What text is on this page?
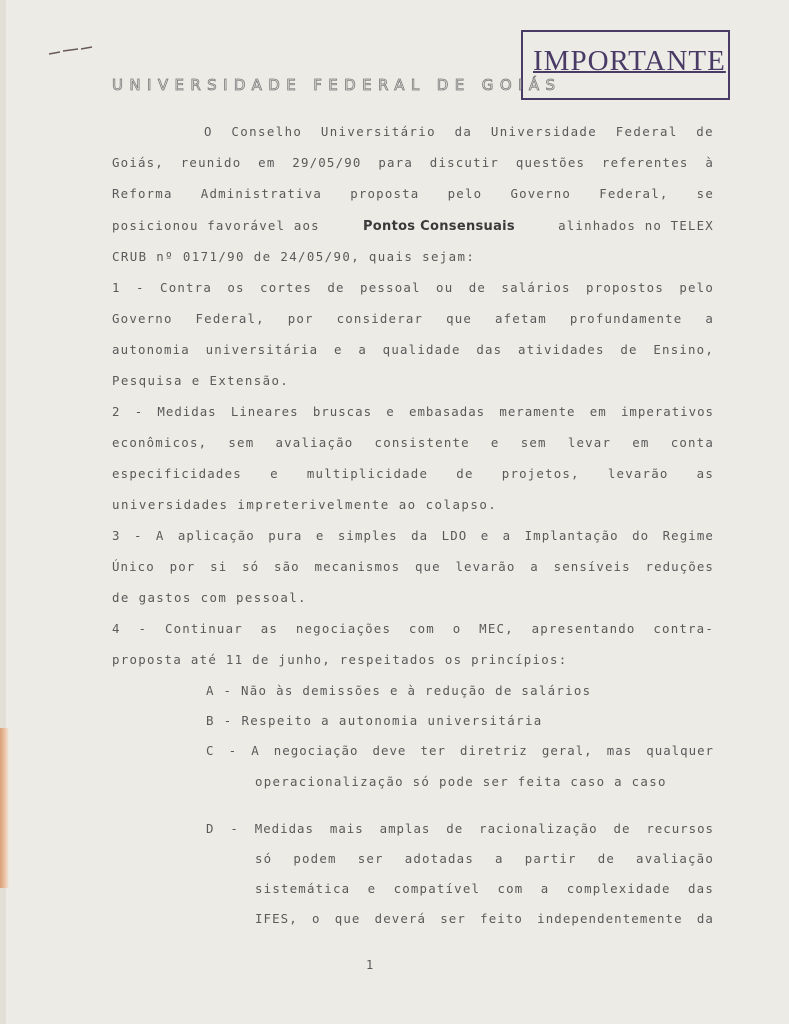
IMPORTANTE
UNIVERSIDADE FEDERAL DE GOIÁS
O Conselho Universitário da Universidade Federal de
Goiás, reunido em 29/05/90 para discutir questões referentes à
Reforma Administrativa proposta pelo Governo Federal, se
posicionou favorável aos	Pontos Consensuais	alinhados no TELEX
CRUB nº 0171/90 de 24/05/90, quais sejam:
1 - Contra os cortes de pessoal ou de salários propostos pelo
Governo Federal, por considerar que afetam profundamente a
autonomia universitária e a qualidade das atividades de Ensino,
Pesquisa e Extensão.
2 - Medidas Lineares bruscas e embasadas meramente em imperativos
econômicos, sem avaliação consistente e sem levar em conta
especificidades e multiplicidade de projetos, levarão as
universidades impreterivelmente ao colapso.
3 - A aplicação pura e simples da LDO e a Implantação do Regime
Único por si só são mecanismos que levarão a sensíveis reduções
de gastos com pessoal.
4 - Continuar as negociações com o MEC, apresentando contra-
proposta até 11 de junho, respeitados os princípios:
A - Não às demissões e à redução de salários
B - Respeito a autonomia universitária
C - A negociação deve ter diretriz geral, mas qualquer
operacionalização só pode ser feita caso a caso
D - Medidas mais amplas de racionalização de recursos
só podem ser adotadas a partir de avaliação
sistemática e compatível com a complexidade das
IFES, o que deverá ser feito independentemente da
1
